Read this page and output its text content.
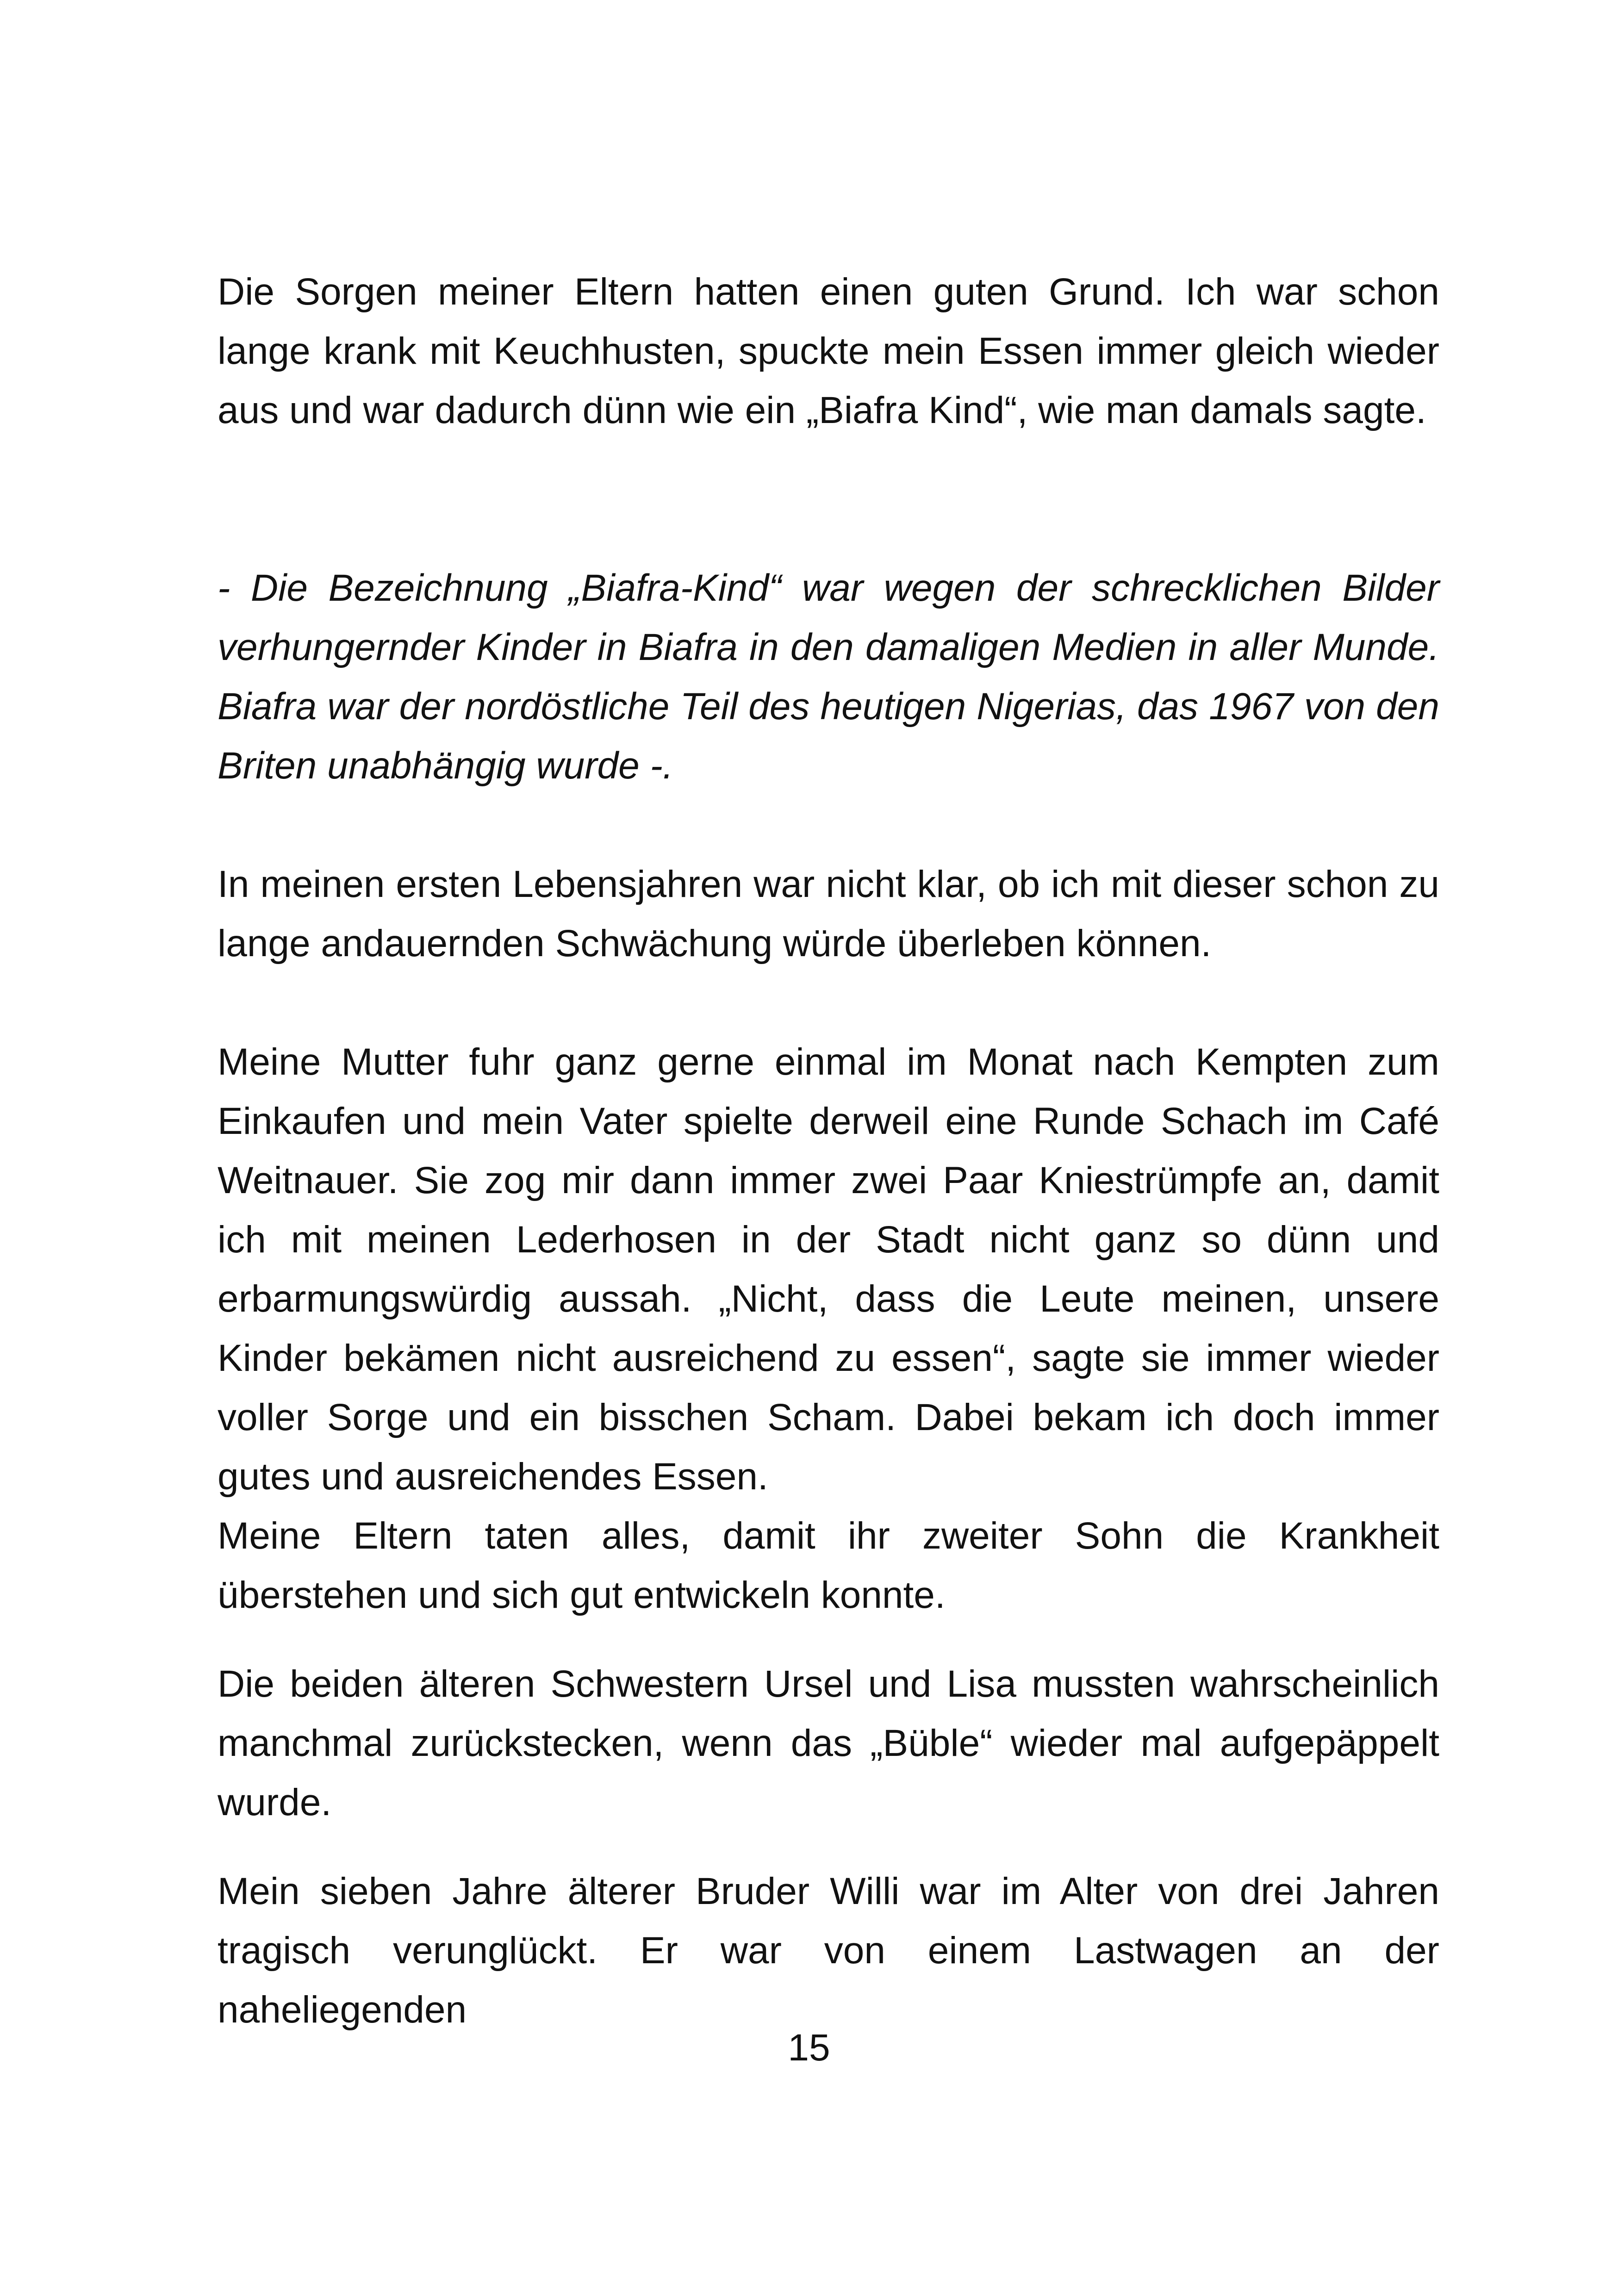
Die Sorgen meiner Eltern hatten einen guten Grund. Ich war schon lange krank mit Keuchhusten, spuckte mein Essen immer gleich wieder aus und war dadurch dünn wie ein „Biafra Kind“, wie man damals sagte.

- Die Bezeichnung „Biafra-Kind“ war wegen der schrecklichen Bilder verhungernder Kinder in Biafra in den damaligen Medien in aller Munde. Biafra war der nordöstliche Teil des heutigen Nigerias, das 1967 von den Briten unabhängig wurde -.

In meinen ersten Lebensjahren war nicht klar, ob ich mit dieser schon zu lange andauernden Schwächung würde überleben können.

Meine Mutter fuhr ganz gerne einmal im Monat nach Kempten zum Einkaufen und mein Vater spielte derweil eine Runde Schach im Café Weitnauer. Sie zog mir dann immer zwei Paar Kniestrümpfe an, damit ich mit meinen Lederhosen in der Stadt nicht ganz so dünn und erbarmungswürdig aussah. „Nicht, dass die Leute meinen, unsere Kinder bekämen nicht ausreichend zu essen“, sagte sie immer wieder voller Sorge und ein bisschen Scham. Dabei bekam ich doch immer gutes und ausreichendes Essen.

Meine Eltern taten alles, damit ihr zweiter Sohn die Krankheit überstehen und sich gut entwickeln konnte.

Die beiden älteren Schwestern Ursel und Lisa mussten wahrscheinlich manchmal zurückstecken, wenn das „Büble“ wieder mal aufgepäppelt wurde.

Mein sieben Jahre älterer Bruder Willi war im Alter von drei Jahren tragisch verunglückt. Er war von einem Lastwagen an der naheliegenden

15
